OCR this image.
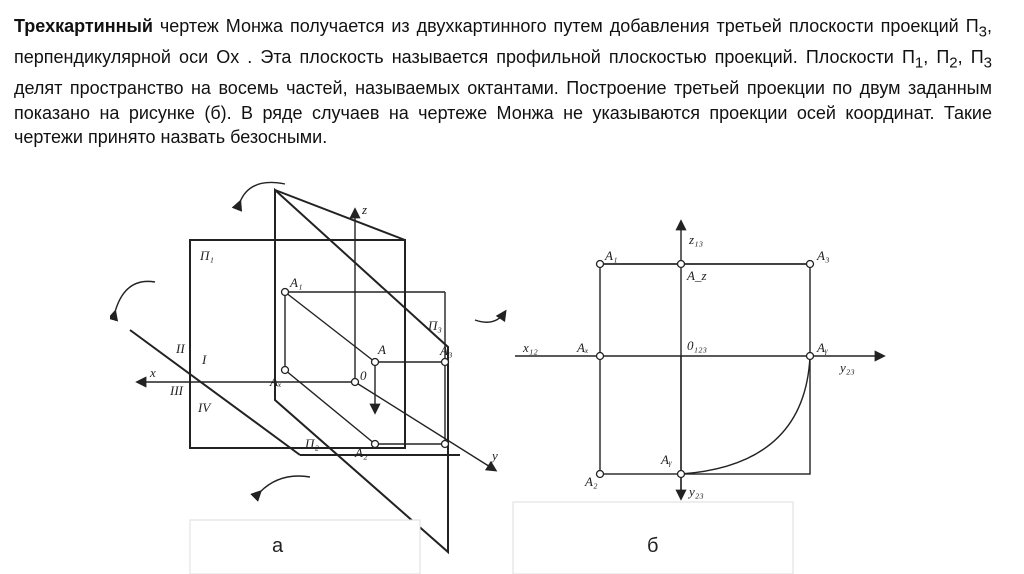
Трехкартинный чертеж Монжа получается из двухкартинного путем добавления третьей плоскости проекций $П_3$, перпендикулярной оси Ox . Эта плоскость называется профильной плоскостью проекций. Плоскости $П_1$, $П_2$, $П_3$ делят пространство на восемь частей, называемых октантами. Построение третьей проекции по двум заданным показано на рисунке (б). В ряде случаев на чертеже Монжа не указываются проекции осей координат. Такие чертежи принято назвать безосными.

z
x
y
П₁
П₂
П₃
I
II
III
IV
A
A₁
A₂
A₃
Aₓ	0
а
z₁₃
x₁₂
y₂₃
y₂₃
0₁₂₃
A₁
A₂
A₃
Aₓ	Aᵧ
Aᵧ
A_z
б
